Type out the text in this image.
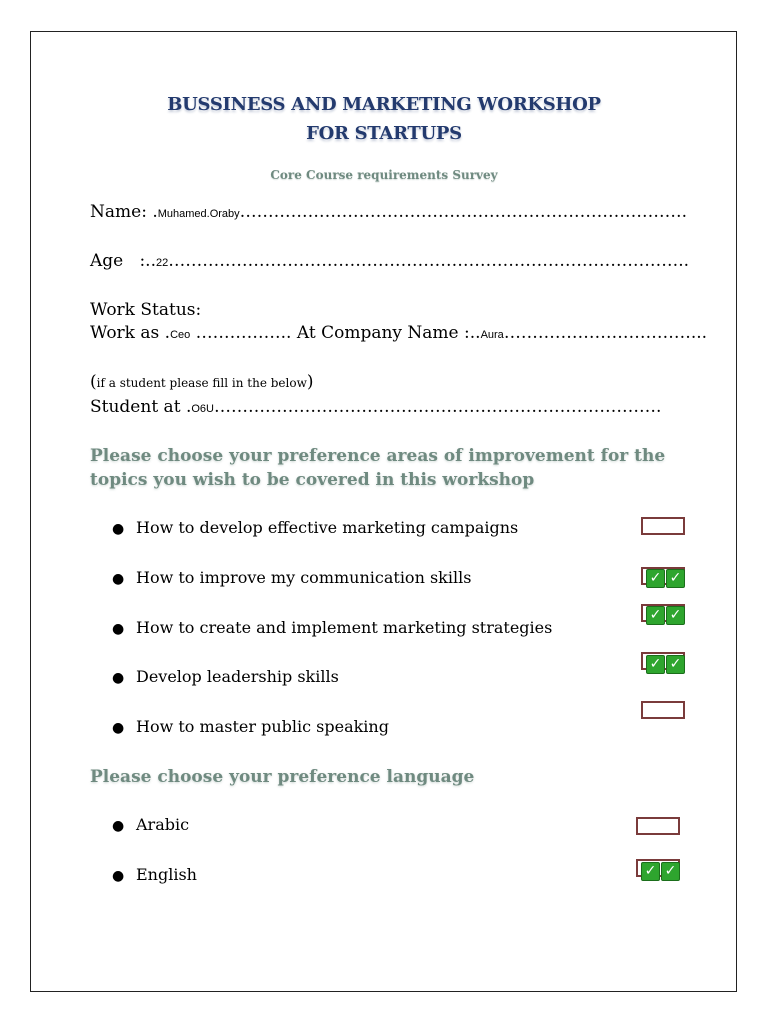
BUSSINESS AND MARKETING WORKSHOP
FOR STARTUPS
Core Course requirements Survey
Name: .Muhamed.Oraby…………………………………………………………………….
Age   :..22………………………………………………………………………………..
Work Status:
Work as .Ceo …………….. At Company Name :..Aura……………………………...
(if a student please fill in the below)
Student at .O6U…………………………………………………………………….
Please choose your preference areas of improvement for the topics you wish to be covered in this workshop
● How to develop effective marketing campaigns
● How to improve my communication skills
● How to create and implement marketing strategies
● Develop leadership skills
● How to master public speaking
✓ ✓
✓ ✓
✓ ✓
Please choose your preference language
● Arabic
● English	✓ ✓
